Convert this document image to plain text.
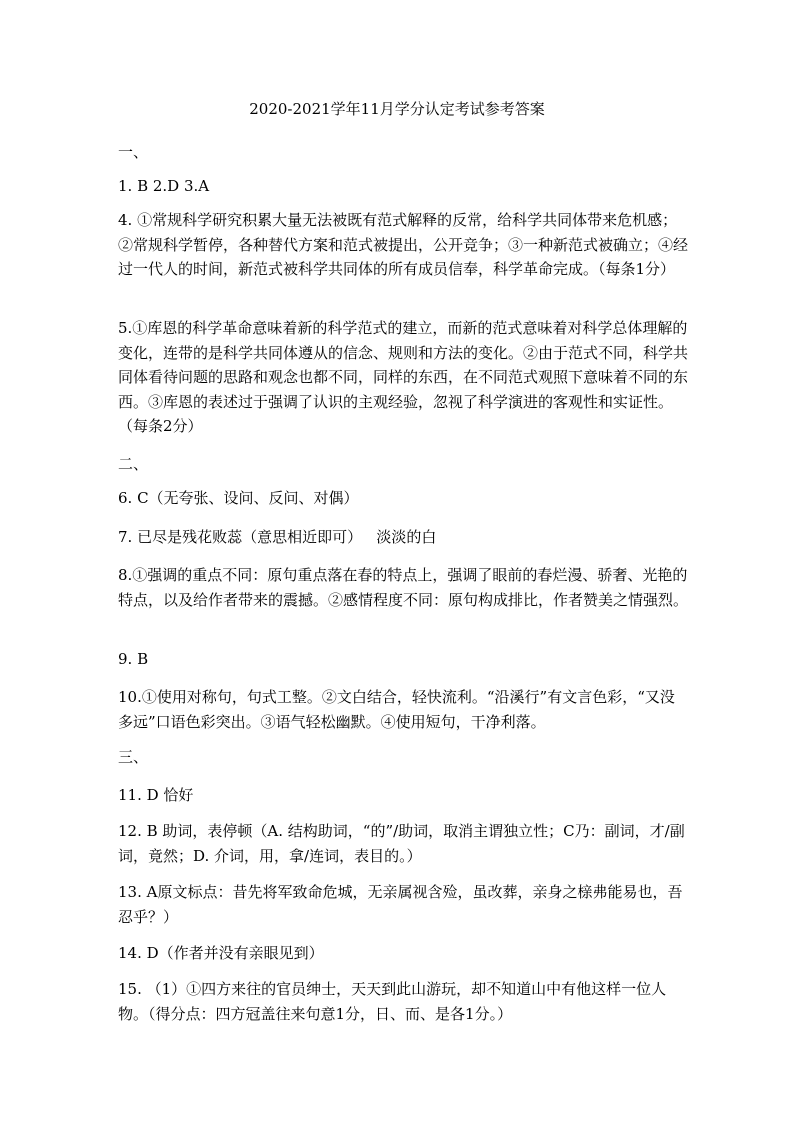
2020-2021学年11月学分认定考试参考答案
一、
1. B 2.D 3.A
4. ①常规科学研究积累大量无法被既有范式解释的反常，给科学共同体带来危机感；②常规科学暂停，各种替代方案和范式被提出，公开竞争；③一种新范式被确立；④经过一代人的时间，新范式被科学共同体的所有成员信奉，科学革命完成。（每条1分）
5.①库恩的科学革命意味着新的科学范式的建立，而新的范式意味着对科学总体理解的变化，连带的是科学共同体遵从的信念、规则和方法的变化。②由于范式不同，科学共同体看待问题的思路和观念也都不同，同样的东西，在不同范式观照下意味着不同的东西。③库恩的表述过于强调了认识的主观经验，忽视了科学演进的客观性和实证性。（每条2分）
二、
6. C（无夸张、设问、反问、对偶）
7. 已尽是残花败蕊（意思相近即可）   淡淡的白
8.①强调的重点不同：原句重点落在春的特点上，强调了眼前的春烂漫、骄奢、光艳的特点，以及给作者带来的震撼。②感情程度不同：原句构成排比，作者赞美之情强烈。
9. B
10.①使用对称句，句式工整。②文白结合，轻快流利。“沿溪行”有文言色彩，“又没多远”口语色彩突出。③语气轻松幽默。④使用短句，干净利落。
三、
11. D 恰好
12. B 助词，表停顿（A. 结构助词，“的”/助词，取消主谓独立性；C乃：副词，才/副词，竟然；D. 介词，用，拿/连词，表目的。）
13. A原文标点：昔先将军致命危城，无亲属视含殓，虽改葬，亲身之榇弗能易也，吾忍乎？）
14. D（作者并没有亲眼见到）
15. （1）①四方来往的官员绅士，天天到此山游玩，却不知道山中有他这样一位人物。（得分点：四方冠盖往来句意1分，日、而、是各1分。）
